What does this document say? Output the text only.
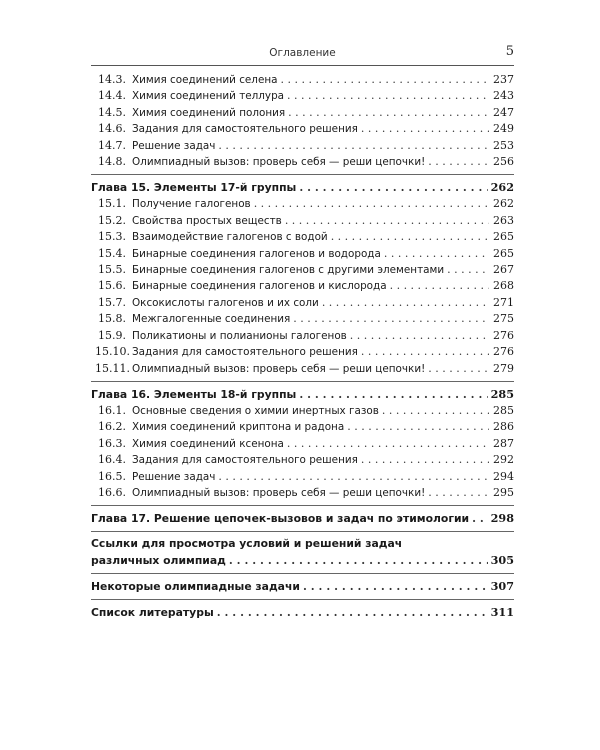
Оглавление	5
14.3. Химия соединений селена . . .	237
14.4. Химия соединений теллура . . .	243
14.5. Химия соединений полония . . .	247
14.6. Задания для самостоятельного решения . . .	249
14.7. Решение задач . . .	253
14.8. Олимпиадный вызов: проверь себя — реши цепочки! . . .	256
Глава 15. Элементы 17-й группы . . .	262
15.1. Получение галогенов . . .	262
15.2. Свойства простых веществ . . .	263
15.3. Взаимодействие галогенов с водой . . .	265
15.4. Бинарные соединения галогенов и водорода . . .	265
15.5. Бинарные соединения галогенов с другими элементами . . .	267
15.6. Бинарные соединения галогенов и кислорода . . .	268
15.7. Оксокислоты галогенов и их соли . . .	271
15.8. Межгалогенные соединения . . .	275
15.9. Поликатионы и полианионы галогенов . . .	276
15.10. Задания для самостоятельного решения . . .	276
15.11. Олимпиадный вызов: проверь себя — реши цепочки! . . .	279
Глава 16. Элементы 18-й группы . . .	285
16.1. Основные сведения о химии инертных газов . . .	285
16.2. Химия соединений криптона и радона . . .	286
16.3. Химия соединений ксенона . . .	287
16.4. Задания для самостоятельного решения . . .	292
16.5. Решение задач . . .	294
16.6. Олимпиадный вызов: проверь себя — реши цепочки! . . .	295
Глава 17. Решение цепочек-вызовов и задач по этимологии . . . 298
Ссылки для просмотра условий и решений задач
различных олимпиад . . .	305
Некоторые олимпиадные задачи . . .	307
Список литературы . . .	311
